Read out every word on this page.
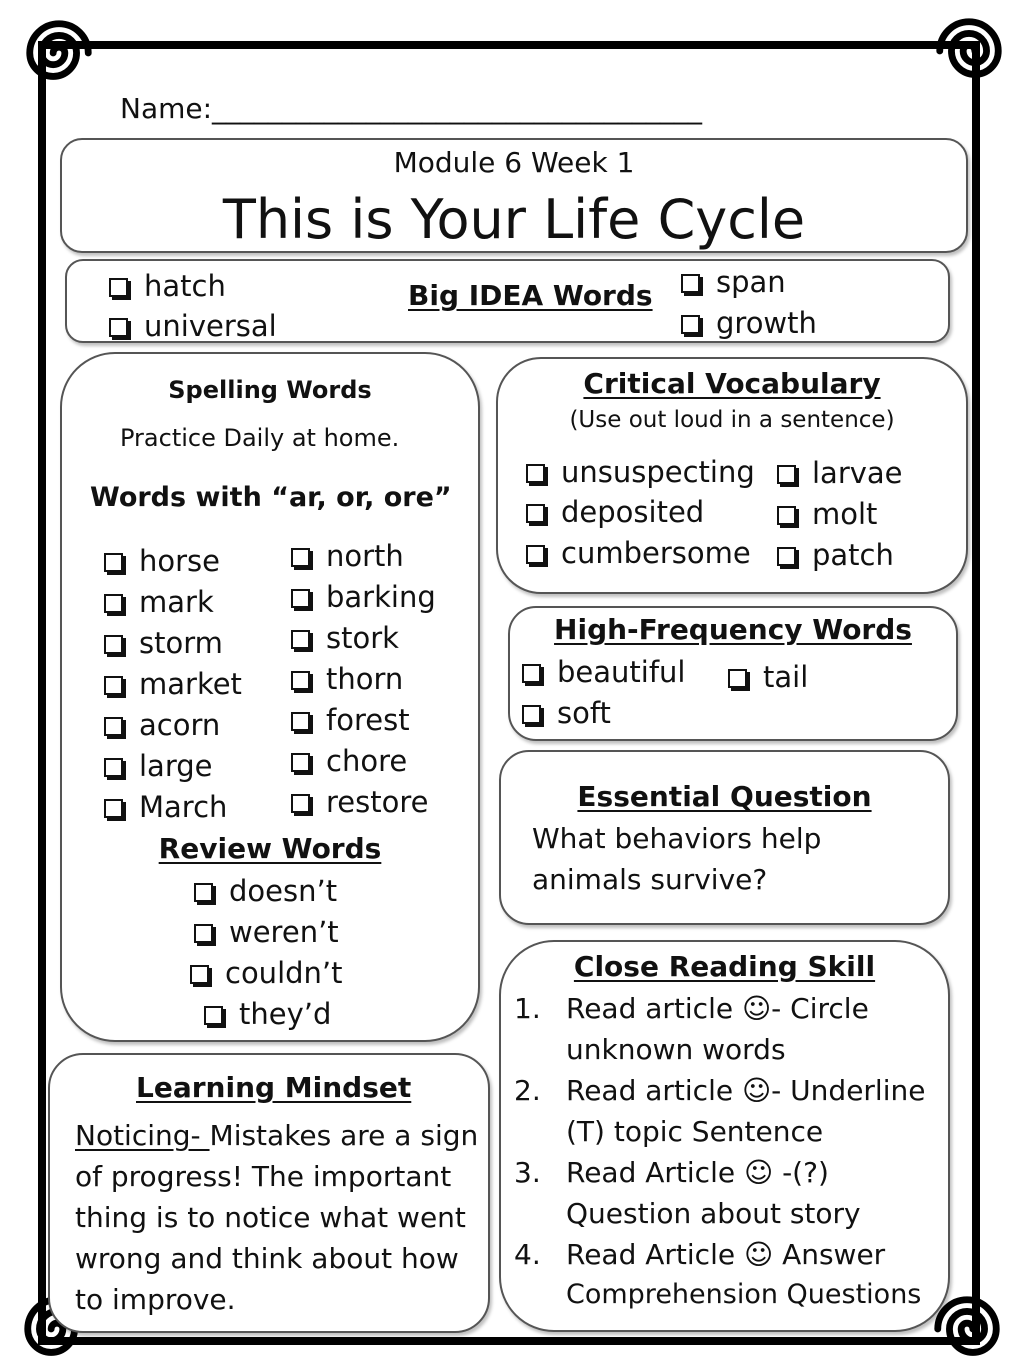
Name:___________________________________
Module 6 Week 1
This is Your Life Cycle
hatch
universal
Big IDEA Words	span
growth
Spelling Words
Practice Daily at home.
Words with “ar, or, ore”
horse
mark
storm
market
acorn
large
March
north
barking
stork
thorn
forest
chore
restore
Review Words
doesn’t
weren’t
couldn’t
they’d
Critical Vocabulary
(Use out loud in a sentence)
unsuspecting
deposited
cumbersome
larvae
molt
patch
High-Frequency Words
beautiful
soft
tail
Essential Question
What behaviors help
animals survive?
Close Reading Skill
1. Read article ☺- Circle
unknown words
2. Read article ☺- Underline
(T) topic Sentence
3. Read Article ☺ -(?)
Question about story
4. Read Article ☺ Answer
Comprehension Questions
Learning Mindset
Noticing- Mistakes are a sign
of progress! The important
thing is to notice what went
wrong and think about how
to improve.
